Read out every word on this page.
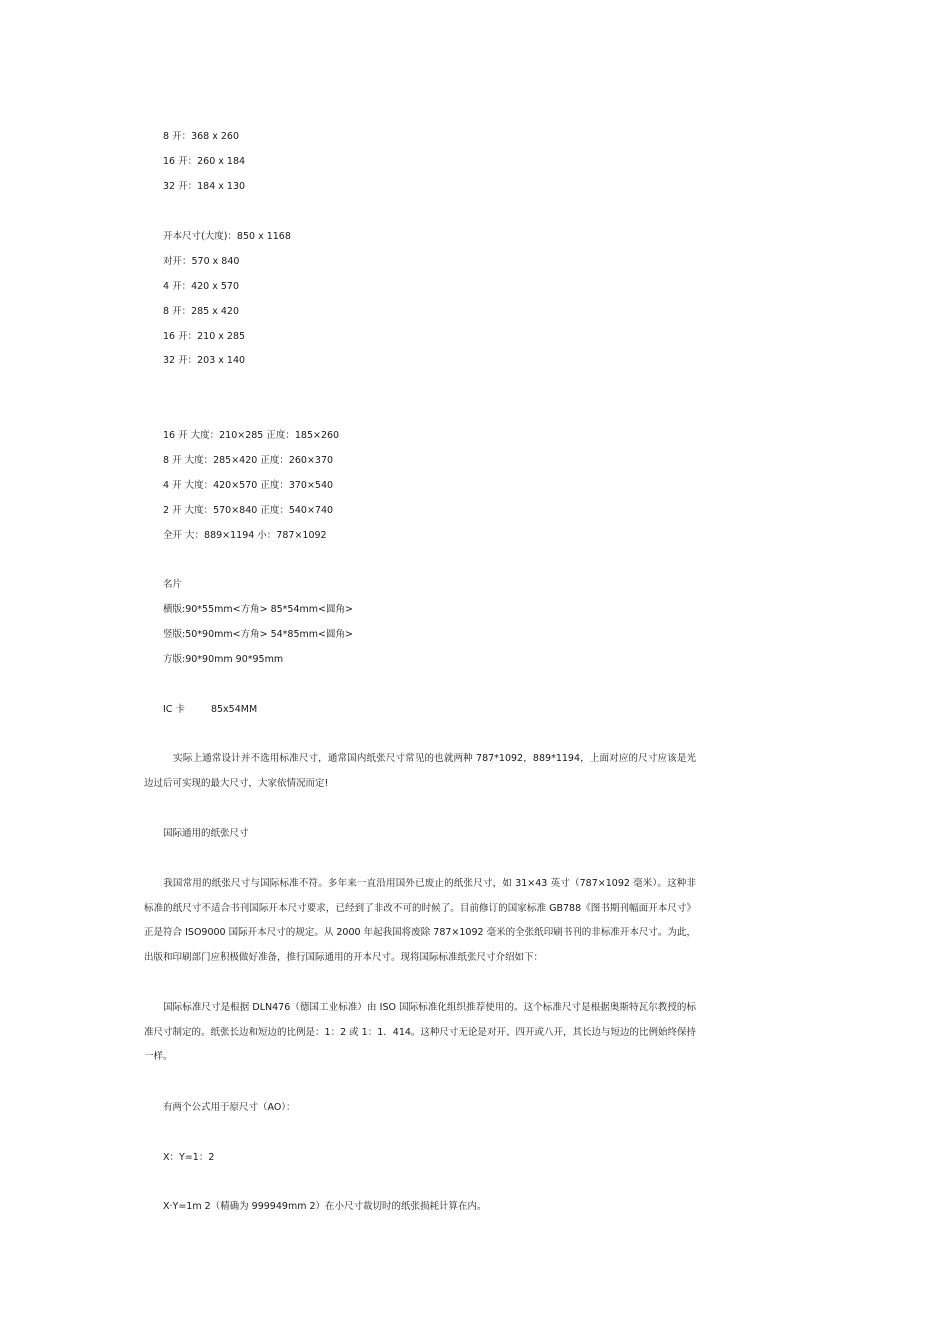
8 开：368 x 260
16 开：260 x 184
32 开：184 x 130
开本尺寸(大度)：850 x 1168
对开：570 x 840
4 开：420 x 570
8 开：285 x 420
16 开：210 x 285
32 开：203 x 140
16 开 大度：210×285 正度：185×260
8 开 大度：285×420 正度：260×370
4 开 大度：420×570 正度：370×540
2 开 大度：570×840 正度：540×740
全开 大：889×1194 小：787×1092
名片
横版:90*55mm<方角> 85*54mm<圆角>
竖版:50*90mm<方角> 54*85mm<圆角>
方版:90*90mm 90*95mm
IC 卡	85x54MM
实际上通常设计并不选用标准尺寸，通常国内纸张尺寸常见的也就两种 787*1092，889*1194，上面对应的尺寸应该是光边过后可实现的最大尺寸，大家依情况而定!
国际通用的纸张尺寸
我国常用的纸张尺寸与国际标准不符。多年来一直沿用国外已废止的纸张尺寸，如 31×43 英寸（787×1092 毫米）。这种非标准的纸尺寸不适合书刊国际开本尺寸要求，已经到了非改不可的时候了。目前修订的国家标准 GB788《图书期刊幅面开本尺寸》正是符合 ISO9000 国际开本尺寸的规定。从 2000 年起我国将废除 787×1092 毫米的全张纸印刷书刊的非标准开本尺寸。为此，出版和印刷部门应积极做好准备，推行国际通用的开本尺寸。现将国际标准纸张尺寸介绍如下：
国际标准尺寸是根据 DLN476（德国工业标准）由 ISO 国际标准化组织推荐使用的。这个标准尺寸是根据奥斯特瓦尔教授的标准尺寸制定的。纸张长边和短边的比例是：1：2 或 1：1．414。这种尺寸无论是对开、四开或八开，其长边与短边的比例始终保持一样。
有两个公式用于原尺寸（AO）：
X：Y=1：2
X·Y=1m 2（精确为 999949mm 2）在小尺寸裁切时的纸张损耗计算在内。
